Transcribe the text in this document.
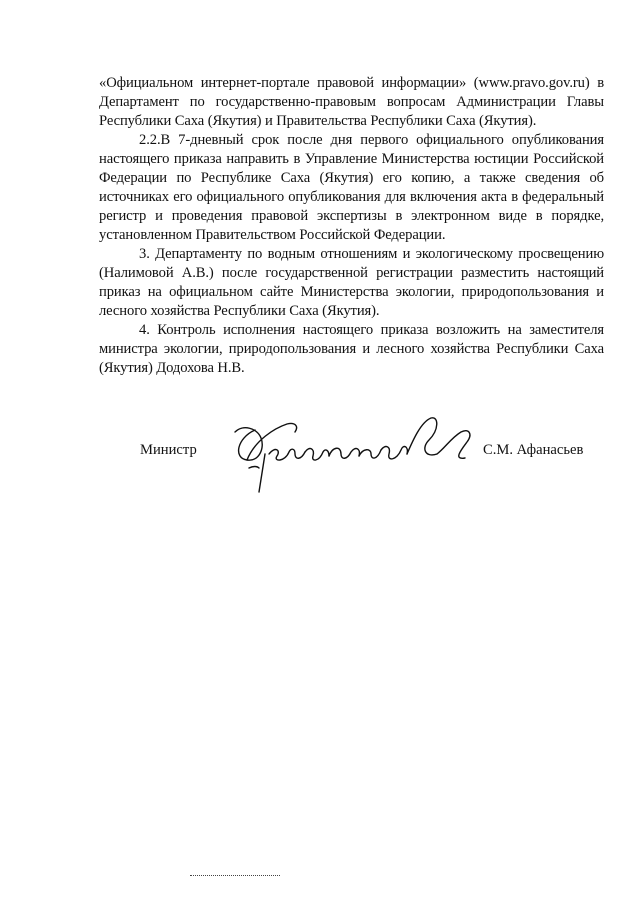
«Официальном интернет-портале правовой информации» (www.pravo.gov.ru) в Департамент по государственно-правовым вопросам Администрации Главы Республики Саха (Якутия) и Правительства Республики Саха (Якутия).

2.2.В 7-дневный срок после дня первого официального опубликования настоящего приказа направить в Управление Министерства юстиции Российской Федерации по Республике Саха (Якутия) его копию, а также сведения об источниках его официального опубликования для включения акта в федеральный регистр и проведения правовой экспертизы в электронном виде в порядке, установленном Правительством Российской Федерации.

3. Департаменту по водным отношениям и экологическому просвещению (Налимовой А.В.) после государственной регистрации разместить настоящий приказ на официальном сайте Министерства экологии, природопользования и лесного хозяйства Республики Саха (Якутия).

4. Контроль исполнения настоящего приказа возложить на заместителя министра экологии, природопользования и лесного хозяйства Республики Саха (Якутия) Додохова Н.В.

Министр	С.М. Афанасьев
